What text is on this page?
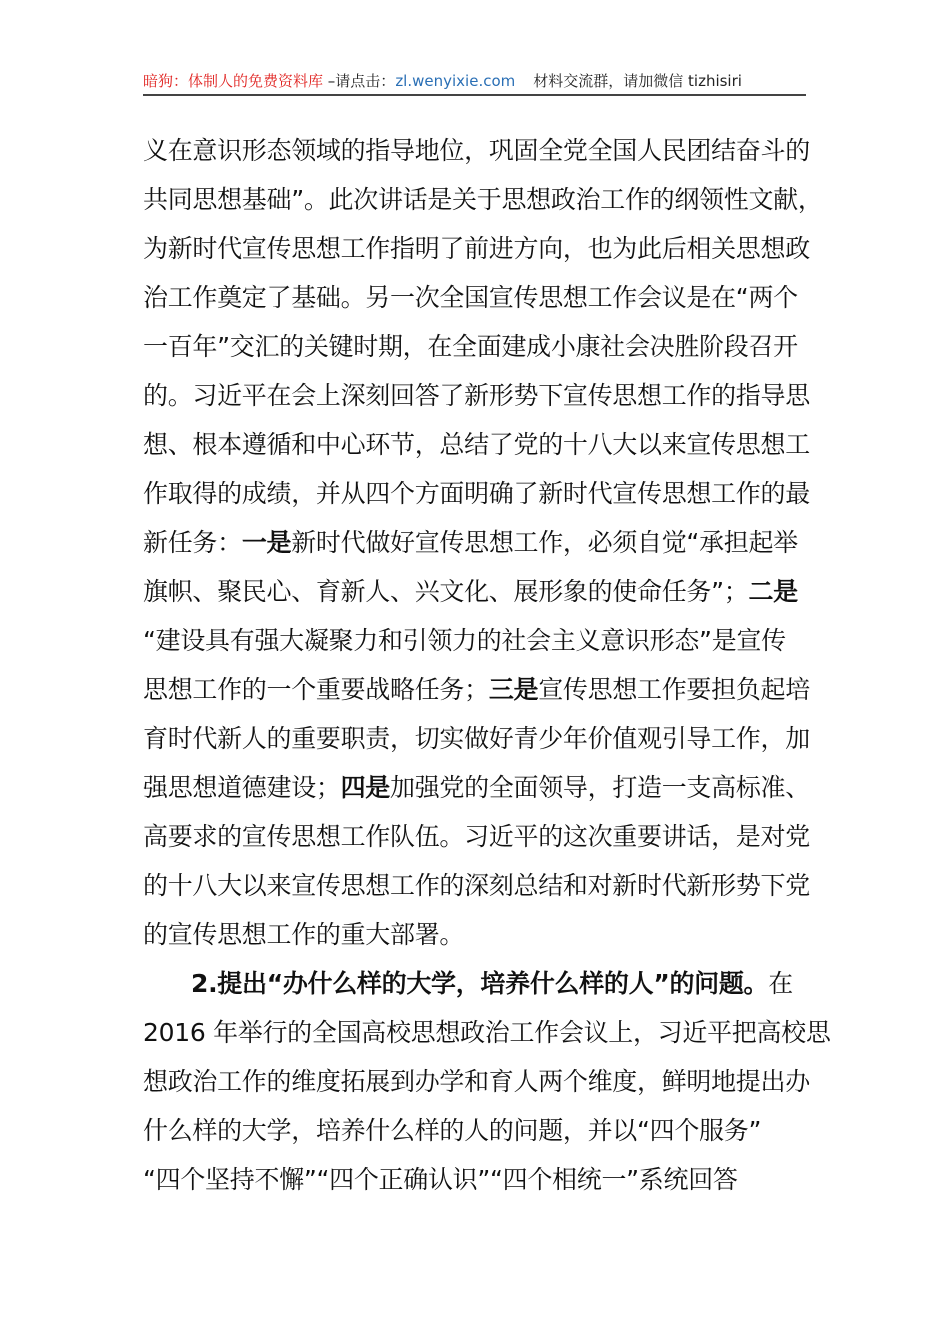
暗狗：体制人的免费资料库 –请点击：zl.wenyixie.com 材料交流群，请加微信 tizhisiri
义在意识形态领域的指导地位，巩固全党全国人民团结奋斗的
共同思想基础”。此次讲话是关于思想政治工作的纲领性文献，
为新时代宣传思想工作指明了前进方向，也为此后相关思想政
治工作奠定了基础。另一次全国宣传思想工作会议是在“两个
一百年”交汇的关键时期，在全面建成小康社会决胜阶段召开
的。习近平在会上深刻回答了新形势下宣传思想工作的指导思
想、根本遵循和中心环节，总结了党的十八大以来宣传思想工
作取得的成绩，并从四个方面明确了新时代宣传思想工作的最
新任务：一是新时代做好宣传思想工作，必须自觉“承担起举
旗帜、聚民心、育新人、兴文化、展形象的使命任务”；二是
“建设具有强大凝聚力和引领力的社会主义意识形态”是宣传
思想工作的一个重要战略任务；三是宣传思想工作要担负起培
育时代新人的重要职责，切实做好青少年价值观引导工作，加
强思想道德建设；四是加强党的全面领导，打造一支高标准、
高要求的宣传思想工作队伍。习近平的这次重要讲话，是对党
的十八大以来宣传思想工作的深刻总结和对新时代新形势下党
的宣传思想工作的重大部署。
2.提出“办什么样的大学，培养什么样的人”的问题。在
2016 年举行的全国高校思想政治工作会议上，习近平把高校思
想政治工作的维度拓展到办学和育人两个维度，鲜明地提出办
什么样的大学，培养什么样的人的问题，并以“四个服务”
“四个坚持不懈”“四个正确认识”“四个相统一”系统回答
